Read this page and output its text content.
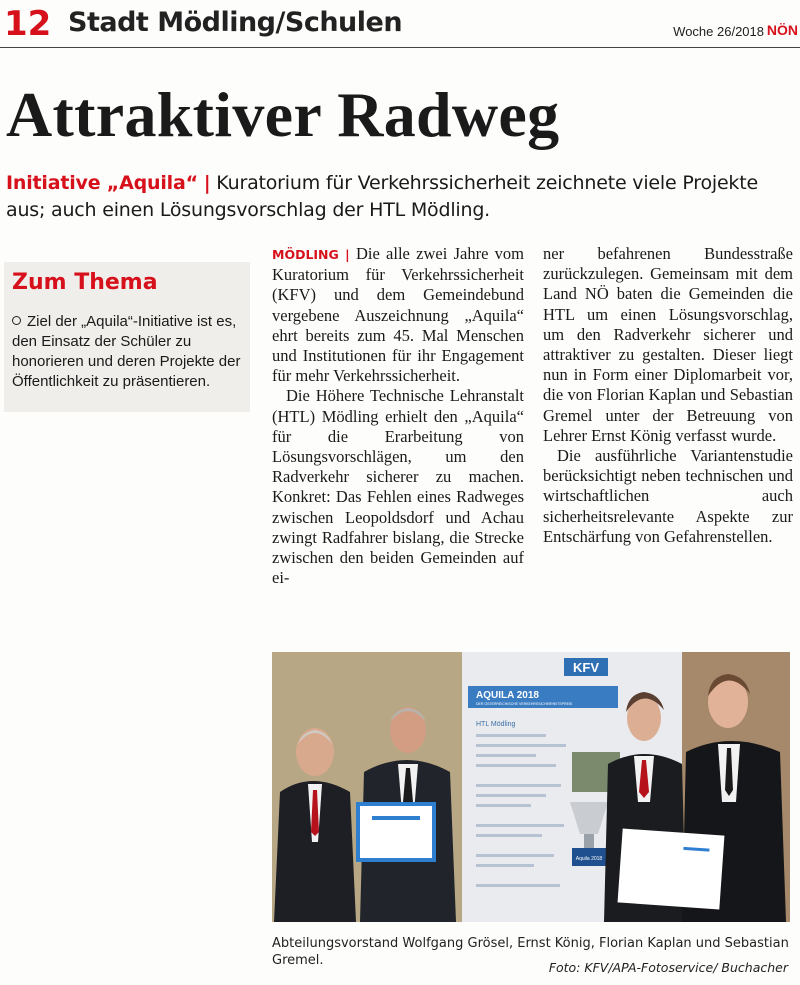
12 Stadt Mödling/Schulen	Woche 26/2018 NÖN
Attraktiver Radweg
Initiative „Aquila“ | Kuratorium für Verkehrssicherheit zeichnete viele Projekte aus; auch einen Lösungsvorschlag der HTL Mödling.
Zum Thema
Ziel der „Aquila“-Initiative ist es, den Einsatz der Schüler zu honorieren und deren Projekte der Öffentlichkeit zu präsentieren.

MÖDLING | Die alle zwei Jahre vom Kuratorium für Verkehrssicherheit (KFV) und dem Gemeindebund vergebene Auszeichnung „Aquila“ ehrt bereits zum 45. Mal Menschen und Institutionen für ihr Engagement für mehr Verkehrssicherheit.

Die Höhere Technische Lehranstalt (HTL) Mödling erhielt den „Aquila“ für die Erarbeitung von Lösungsvorschlägen, um den Radverkehr sicherer zu machen. Konkret: Das Fehlen eines Radweges zwischen Leopoldsdorf und Achau zwingt Radfahrer bislang, die Strecke zwischen den beiden Gemeinden auf ei-

ner befahrenen Bundesstraße zurückzulegen. Gemeinsam mit dem Land NÖ baten die Gemeinden die HTL um einen Lösungsvorschlag, um den Radverkehr sicherer und attraktiver zu gestalten. Dieser liegt nun in Form einer Diplomarbeit vor, die von Florian Kaplan und Sebastian Gremel unter der Betreuung von Lehrer Ernst König verfasst wurde.

Die ausführliche Variantenstudie berücksichtigt neben technischen und wirtschaftlichen auch sicherheitsrelevante Aspekte zur Entschärfung von Gefahrenstellen.

KFV
AQUILA 2018
DER ÖSTERREICHISCHE VERKEHRSSICHERHEITSPREIS
HTL Mödling
Aquila 2018
Abteilungsvorstand Wolfgang Grösel, Ernst König, Florian Kaplan und Sebastian Gremel.	Foto: KFV/APA-Fotoservice/ Buchacher
